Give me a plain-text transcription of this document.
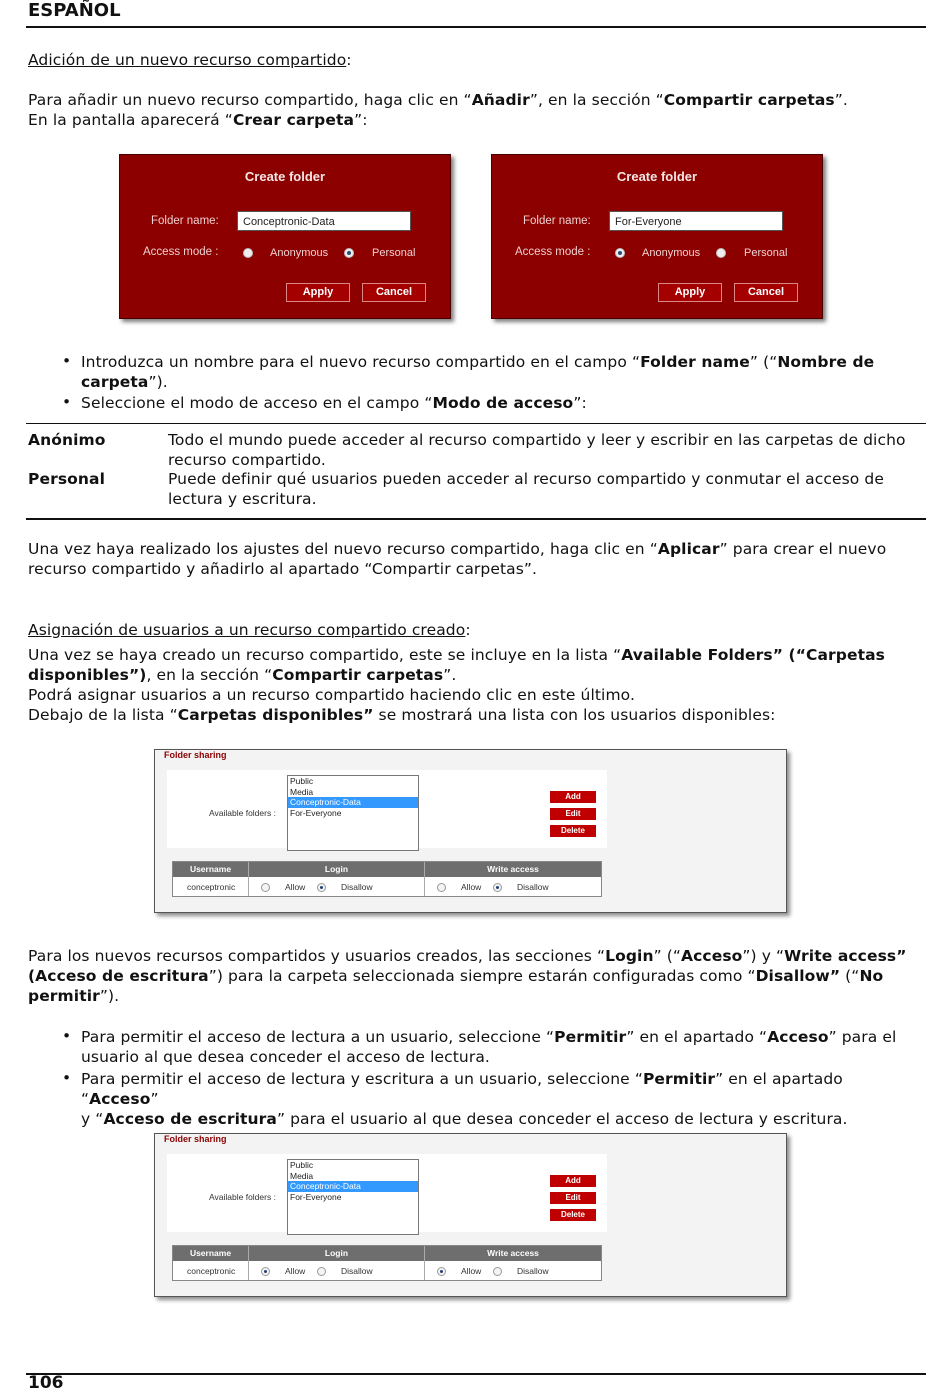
ESPAÑOL
Adición de un nuevo recurso compartido:
Para añadir un nuevo recurso compartido, haga clic en “Añadir”, en la sección “Compartir carpetas”.
En la pantalla aparecerá “Crear carpeta”:
Create folder
Folder name:	Conceptronic-Data
Access mode :	Anonymous	Personal
Apply	Cancel
Create folder
Folder name:	For-Everyone
Access mode :	Anonymous	Personal
Apply	Cancel
• Introduzca un nombre para el nuevo recurso compartido en el campo “Folder name” (“Nombre de
carpeta”).
• Seleccione el modo de acceso en el campo “Modo de acceso”:
Anónimo	Todo el mundo puede acceder al recurso compartido y leer y escribir en las carpetas de dicho
recurso compartido.
Personal	Puede definir qué usuarios pueden acceder al recurso compartido y conmutar el acceso de
lectura y escritura.
Una vez haya realizado los ajustes del nuevo recurso compartido, haga clic en “Aplicar” para crear el nuevo
recurso compartido y añadirlo al apartado “Compartir carpetas”.
Asignación de usuarios a un recurso compartido creado:
Una vez se haya creado un recurso compartido, este se incluye en la lista “Available Folders” (“Carpetas
disponibles”), en la sección “Compartir carpetas”.
Podrá asignar usuarios a un recurso compartido haciendo clic en este último.
Debajo de la lista “Carpetas disponibles” se mostrará una lista con los usuarios disponibles:
Folder sharing
Available folders :
Public
Media
Conceptronic-Data
For-Everyone
Add
Edit
Delete
Username	Login	Write access
conceptronic	Allow	Disallow	Allow	Disallow
Para los nuevos recursos compartidos y usuarios creados, las secciones “Login” (“Acceso”) y “Write access”
(Acceso de escritura”) para la carpeta seleccionada siempre estarán configuradas como “Disallow” (“No
permitir”).
• Para permitir el acceso de lectura a un usuario, seleccione “Permitir” en el apartado “Acceso” para el
usuario al que desea conceder el acceso de lectura.
• Para permitir el acceso de lectura y escritura a un usuario, seleccione “Permitir” en el apartado “Acceso”
y “Acceso de escritura” para el usuario al que desea conceder el acceso de lectura y escritura.
Folder sharing
Available folders :
Public
Media
Conceptronic-Data
For-Everyone
Add
Edit
Delete
Username	Login	Write access
conceptronic	Allow	Disallow	Allow	Disallow
106
